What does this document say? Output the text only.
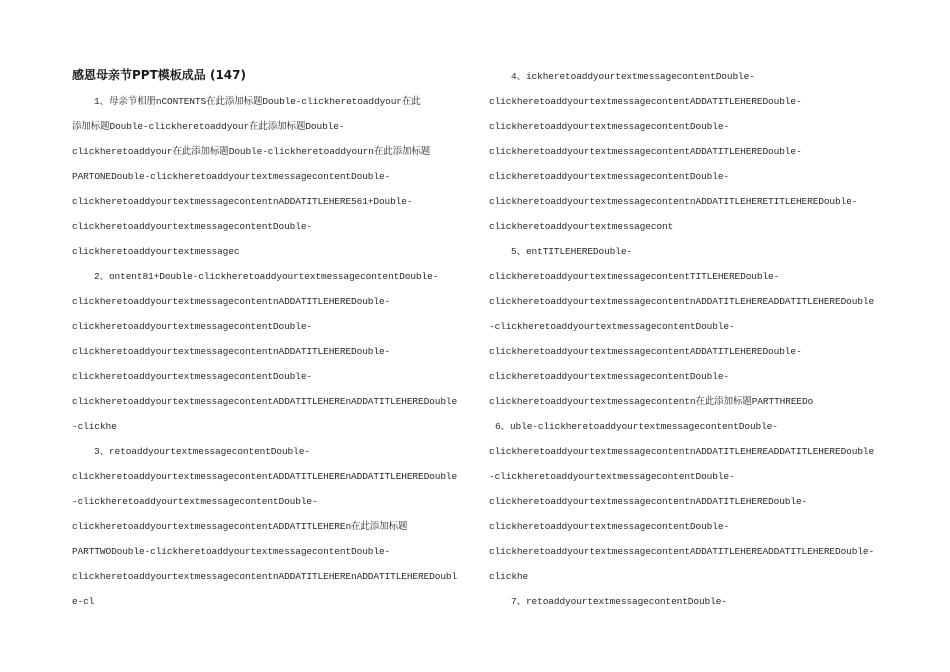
感恩母亲节PPT模板成品 (147)
1、母亲节相册nCONTENTS在此添加标题Double-clickheretoaddyour在此
添加标题Double-clickheretoaddyour在此添加标题Double-
clickheretoaddyour在此添加标题Double-clickheretoaddyourn在此添加标题
PARTONEDouble-clickheretoaddyourtextmessagecontentDouble-
clickheretoaddyourtextmessagecontentnADDATITLEHERE561+Double-
clickheretoaddyourtextmessagecontentDouble-
clickheretoaddyourtextmessagec
2、ontent81+Double-clickheretoaddyourtextmessagecontentDouble-
clickheretoaddyourtextmessagecontentnADDATITLEHEREDouble-
clickheretoaddyourtextmessagecontentDouble-
clickheretoaddyourtextmessagecontentnADDATITLEHEREDouble-
clickheretoaddyourtextmessagecontentDouble-
clickheretoaddyourtextmessagecontentADDATITLEHEREnADDATITLEHEREDouble
-clickhe
3、retoaddyourtextmessagecontentDouble-
clickheretoaddyourtextmessagecontentADDATITLEHEREnADDATITLEHEREDouble
-clickheretoaddyourtextmessagecontentDouble-
clickheretoaddyourtextmessagecontentADDATITLEHEREn在此添加标题
PARTTWODouble-clickheretoaddyourtextmessagecontentDouble-
clickheretoaddyourtextmessagecontentnADDATITLEHEREnADDATITLEHEREDoubl
e-cl
4、ickheretoaddyourtextmessagecontentDouble-
clickheretoaddyourtextmessagecontentADDATITLEHEREDouble-
clickheretoaddyourtextmessagecontentDouble-
clickheretoaddyourtextmessagecontentADDATITLEHEREDouble-
clickheretoaddyourtextmessagecontentDouble-
clickheretoaddyourtextmessagecontentnADDATITLEHERETITLEHEREDouble-
clickheretoaddyourtextmessagecont
5、entTITLEHEREDouble-
clickheretoaddyourtextmessagecontentTITLEHEREDouble-
clickheretoaddyourtextmessagecontentnADDATITLEHEREADDATITLEHEREDouble
-clickheretoaddyourtextmessagecontentDouble-
clickheretoaddyourtextmessagecontentADDATITLEHEREDouble-
clickheretoaddyourtextmessagecontentDouble-
clickheretoaddyourtextmessagecontentn在此添加标题PARTTHREEDo
6、uble-clickheretoaddyourtextmessagecontentDouble-
clickheretoaddyourtextmessagecontentnADDATITLEHEREADDATITLEHEREDouble
-clickheretoaddyourtextmessagecontentDouble-
clickheretoaddyourtextmessagecontentnADDATITLEHEREDouble-
clickheretoaddyourtextmessagecontentDouble-
clickheretoaddyourtextmessagecontentADDATITLEHEREADDATITLEHEREDouble-
clickhe
7、retoaddyourtextmessagecontentDouble-
